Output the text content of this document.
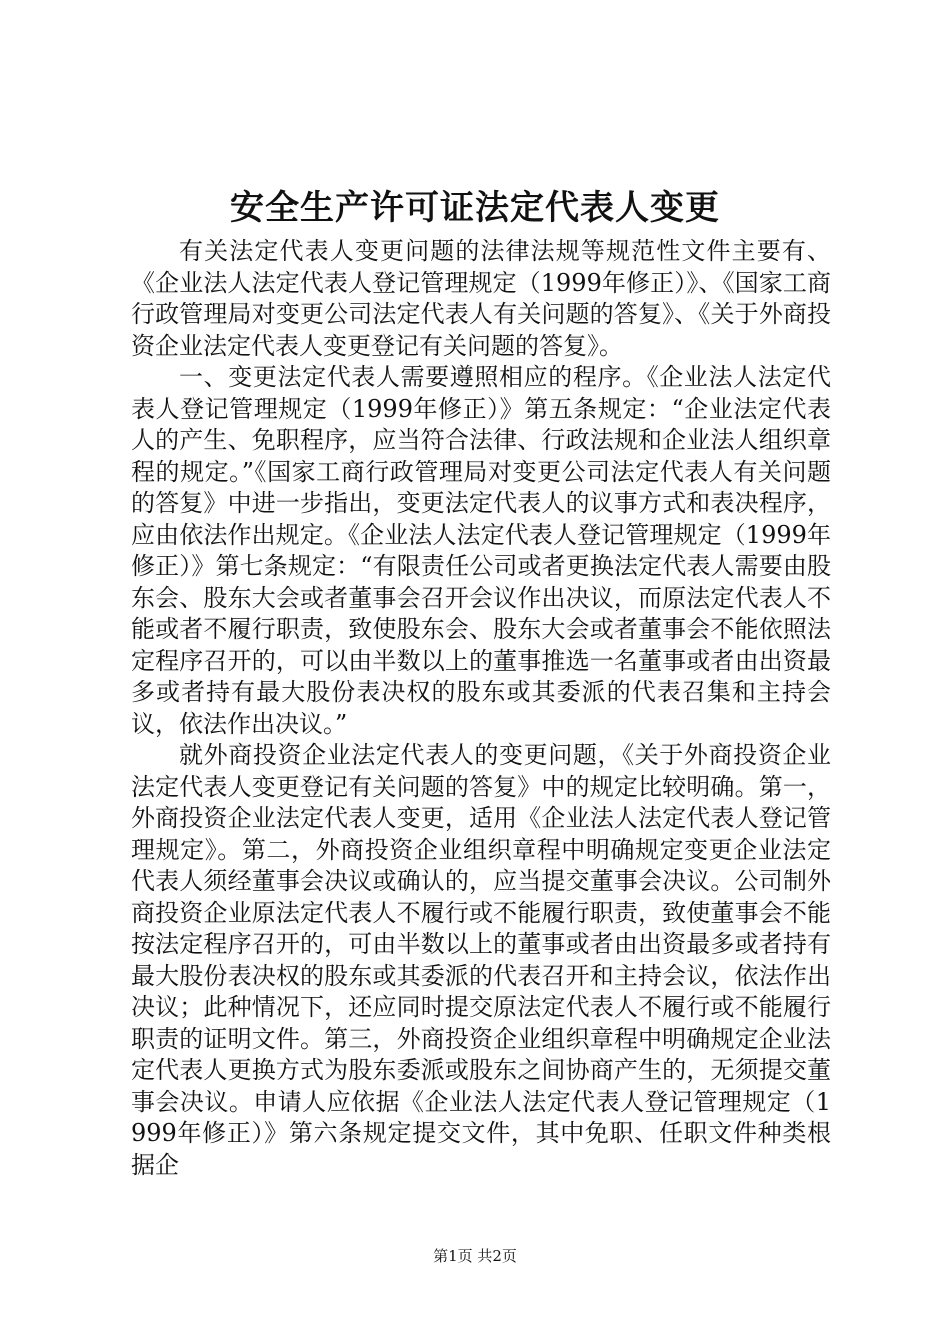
安全生产许可证法定代表人变更

有关法定代表人变更问题的法律法规等规范性文件主要有、《企业法人法定代表人登记管理规定（1999年修正）》、《国家工商行政管理局对变更公司法定代表人有关问题的答复》、《关于外商投资企业法定代表人变更登记有关问题的答复》。

一、变更法定代表人需要遵照相应的程序。《企业法人法定代表人登记管理规定（1999年修正）》第五条规定：“企业法定代表人的产生、免职程序，应当符合法律、行政法规和企业法人组织章程的规定。”《国家工商行政管理局对变更公司法定代表人有关问题的答复》中进一步指出，变更法定代表人的议事方式和表决程序，应由依法作出规定。《企业法人法定代表人登记管理规定（1999年修正）》第七条规定：“有限责任公司或者更换法定代表人需要由股东会、股东大会或者董事会召开会议作出决议，而原法定代表人不能或者不履行职责，致使股东会、股东大会或者董事会不能依照法定程序召开的，可以由半数以上的董事推选一名董事或者由出资最多或者持有最大股份表决权的股东或其委派的代表召集和主持会议，依法作出决议。”

就外商投资企业法定代表人的变更问题，《关于外商投资企业法定代表人变更登记有关问题的答复》中的规定比较明确。第一，外商投资企业法定代表人变更，适用《企业法人法定代表人登记管理规定》。第二，外商投资企业组织章程中明确规定变更企业法定代表人须经董事会决议或确认的，应当提交董事会决议。公司制外商投资企业原法定代表人不履行或不能履行职责，致使董事会不能按法定程序召开的，可由半数以上的董事或者由出资最多或者持有最大股份表决权的股东或其委派的代表召开和主持会议，依法作出决议；此种情况下，还应同时提交原法定代表人不履行或不能履行职责的证明文件。第三，外商投资企业组织章程中明确规定企业法定代表人更换方式为股东委派或股东之间协商产生的，无须提交董事会决议。申请人应依据《企业法人法定代表人登记管理规定（1999年修正）》第六条规定提交文件，其中免职、任职文件种类根据企

第1页 共2页
